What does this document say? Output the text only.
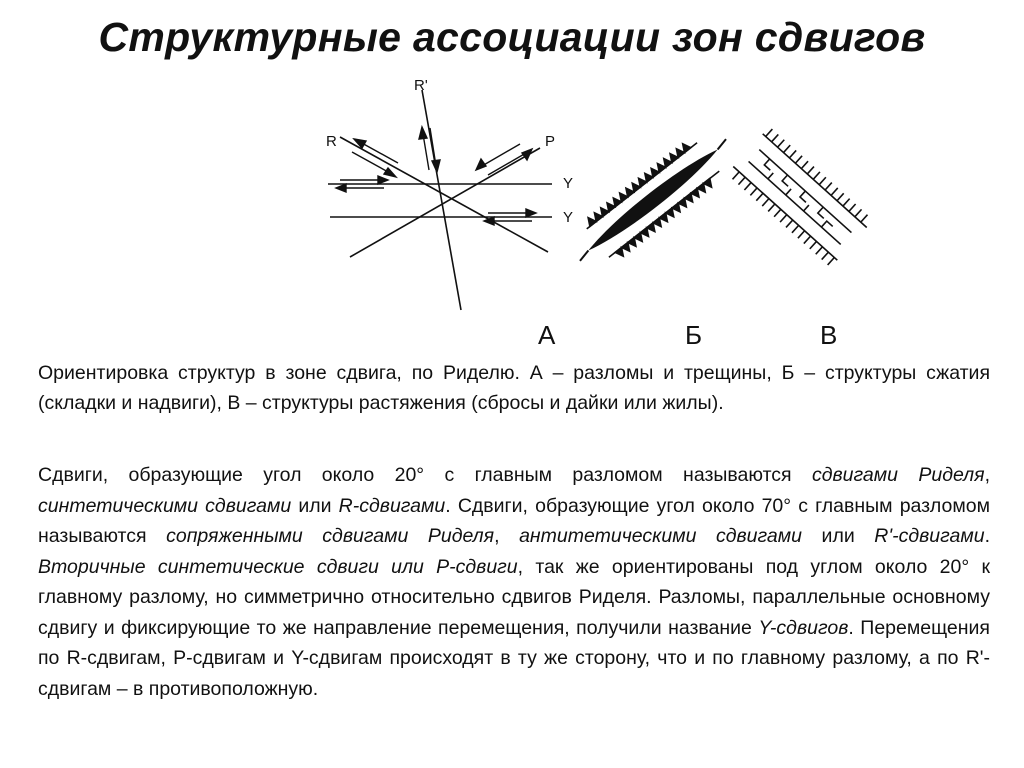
Структурные ассоциации зон сдвигов
R'
R	P
Y
Y
А	Б	В
Ориентировка структур в зоне сдвига, по Риделю. А – разломы и трещины, Б – структуры сжатия (складки и надвиги), В – структуры растяжения (сбросы и дайки или жилы).
Сдвиги, образующие угол около 20° с главным разломом называются сдвигами Риделя, синтетическими сдвигами или R-сдвигами. Сдвиги, образующие угол около 70° с главным разломом называются сопряженными сдвигами Риделя, антитетическими сдвигами или R'-сдвигами. Вторичные синтетические сдвиги или Р-сдвиги, так же ориентированы под углом около 20° к главному разлому, но симметрично относительно сдвигов Риделя. Разломы, параллельные основному сдвигу и фиксирующие то же направление перемещения, получили название Y-сдвигов. Перемещения по R-сдвигам, Р-сдвигам и Y-сдвигам происходят в ту же сторону, что и по главному разлому, а по R'-сдвигам – в противоположную.
